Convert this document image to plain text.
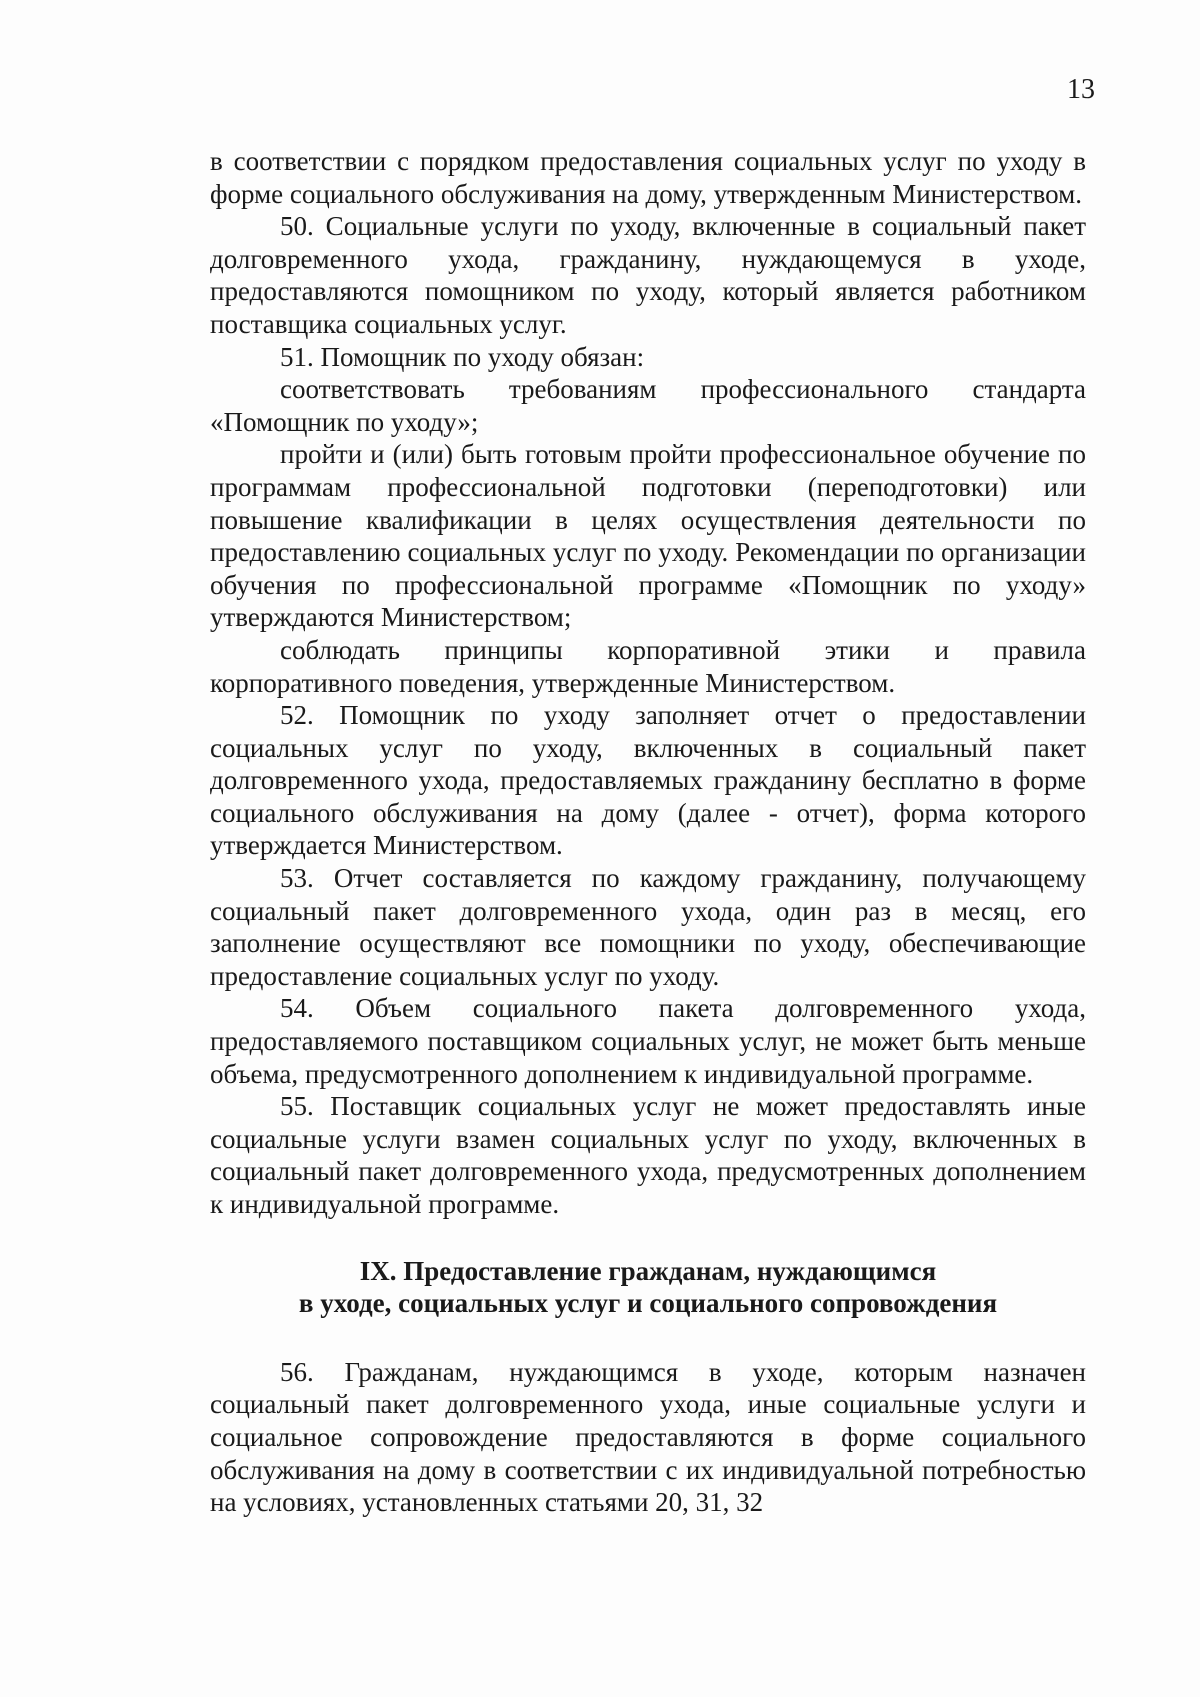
13

в соответствии с порядком предоставления социальных услуг по уходу в форме социального обслуживания на дому, утвержденным Министерством.

50. Социальные услуги по уходу, включенные в социальный пакет долговременного ухода, гражданину, нуждающемуся в уходе, предоставляются помощником по уходу, который является работником поставщика социальных услуг.

51. Помощник по уходу обязан:

соответствовать требованиям профессионального стандарта «Помощник по уходу»;

пройти и (или) быть готовым пройти профессиональное обучение по программам профессиональной подготовки (переподготовки) или повышение квалификации в целях осуществления деятельности по предоставлению социальных услуг по уходу. Рекомендации по организации обучения по профессиональной программе «Помощник по уходу» утверждаются Министерством;

соблюдать принципы корпоративной этики и правила корпоративного поведения, утвержденные Министерством.

52. Помощник по уходу заполняет отчет о предоставлении социальных услуг по уходу, включенных в социальный пакет долговременного ухода, предоставляемых гражданину бесплатно в форме социального обслуживания на дому (далее - отчет), форма которого утверждается Министерством.

53. Отчет составляется по каждому гражданину, получающему социальный пакет долговременного ухода, один раз в месяц, его заполнение осуществляют все помощники по уходу, обеспечивающие предоставление социальных услуг по уходу.

54. Объем социального пакета долговременного ухода, предоставляемого поставщиком социальных услуг, не может быть меньше объема, предусмотренного дополнением к индивидуальной программе.

55. Поставщик социальных услуг не может предоставлять иные социальные услуги взамен социальных услуг по уходу, включенных в социальный пакет долговременного ухода, предусмотренных дополнением к индивидуальной программе.

IX. Предоставление гражданам, нуждающимся
в уходе, социальных услуг и социального сопровождения

56. Гражданам, нуждающимся в уходе, которым назначен социальный пакет долговременного ухода, иные социальные услуги и социальное сопровождение предоставляются в форме социального обслуживания на дому в соответствии с их индивидуальной потребностью на условиях, установленных статьями 20, 31, 32
